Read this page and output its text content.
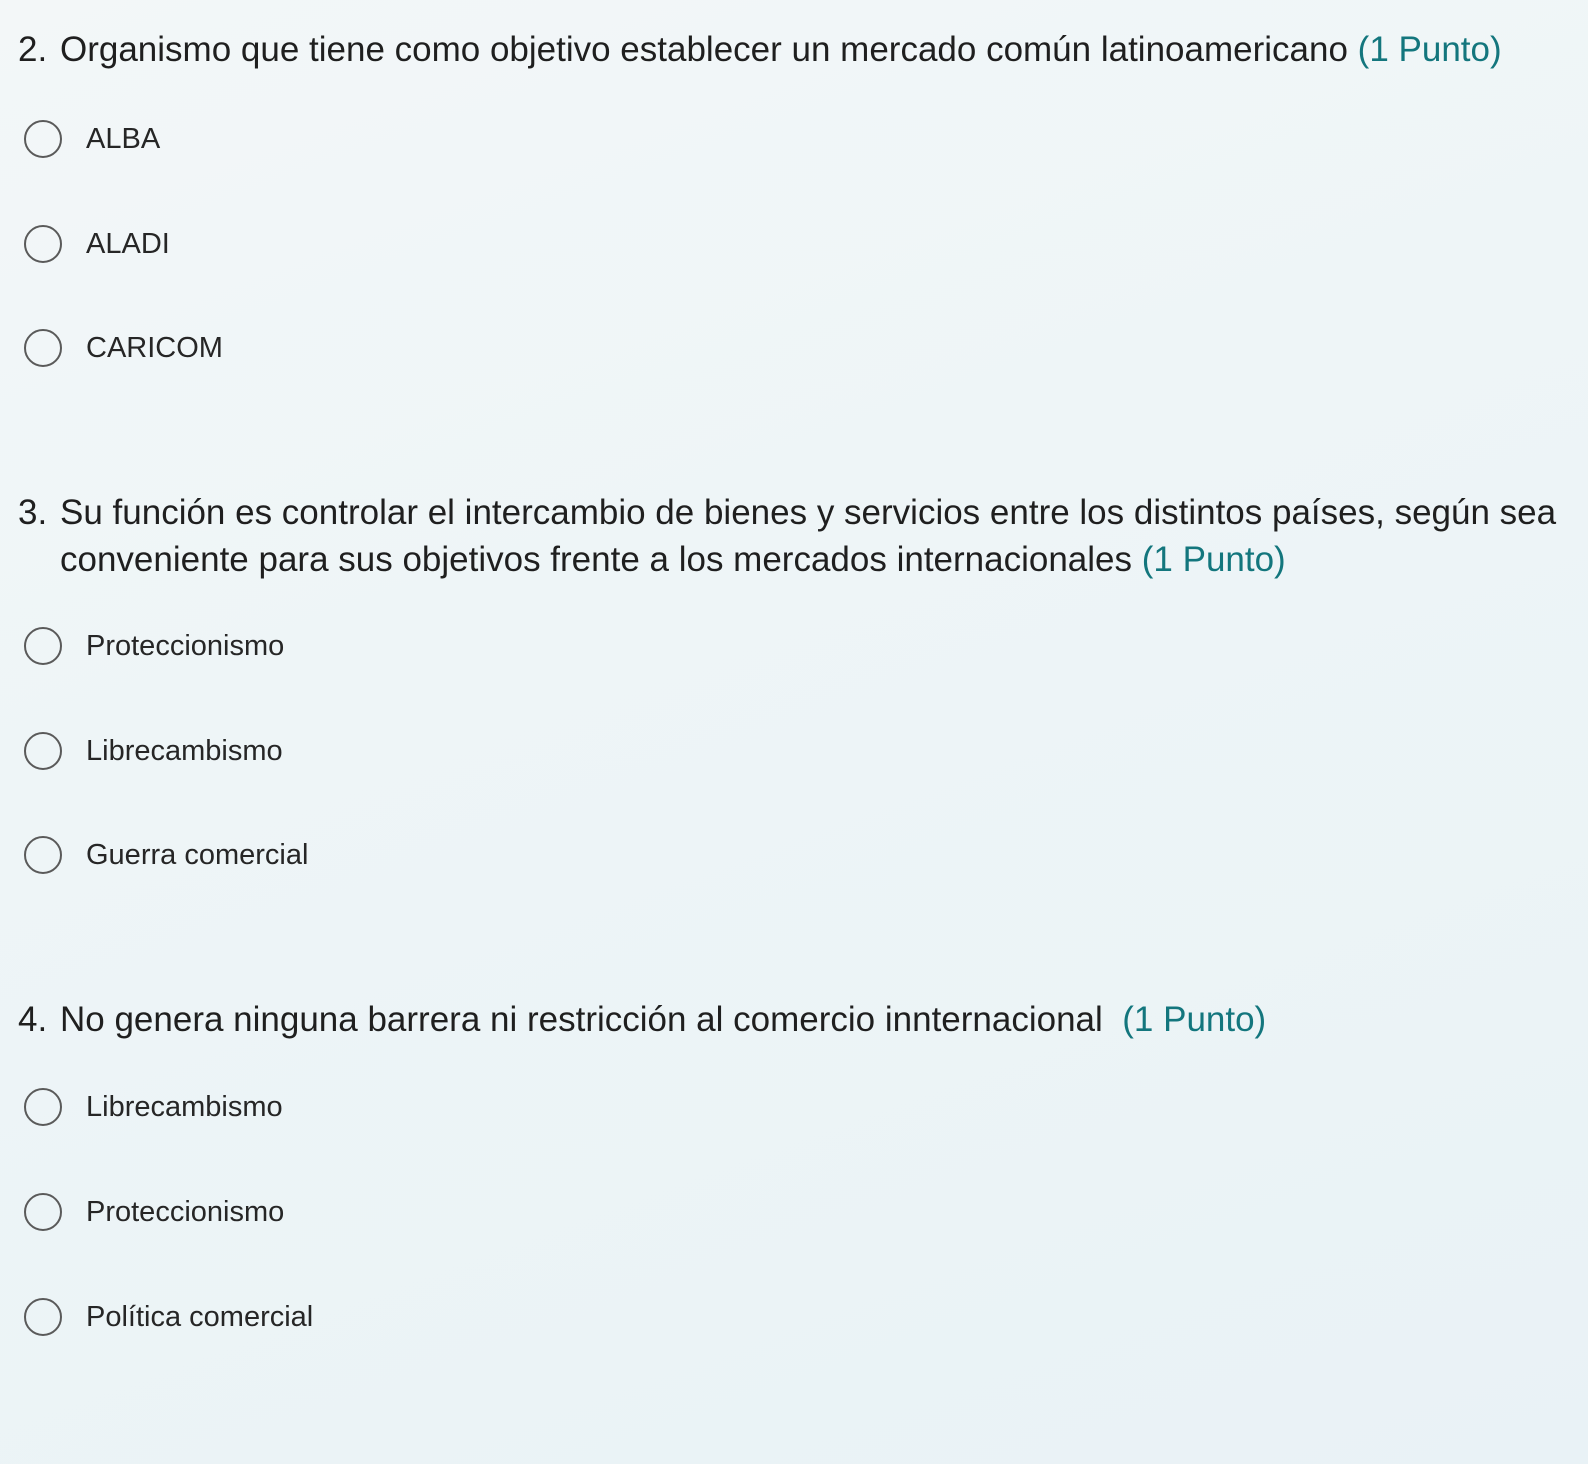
2. Organismo que tiene como objetivo establecer un mercado común latinoamericano (1 Punto)
ALBA
ALADI
CARICOM
3. Su función es controlar el intercambio de bienes y servicios entre los distintos países, según sea conveniente para sus objetivos frente a los mercados internacionales (1 Punto)
Proteccionismo
Librecambismo
Guerra comercial
4. No genera ninguna barrera ni restricción al comercio innternacional  (1 Punto)
Librecambismo
Proteccionismo
Política comercial
